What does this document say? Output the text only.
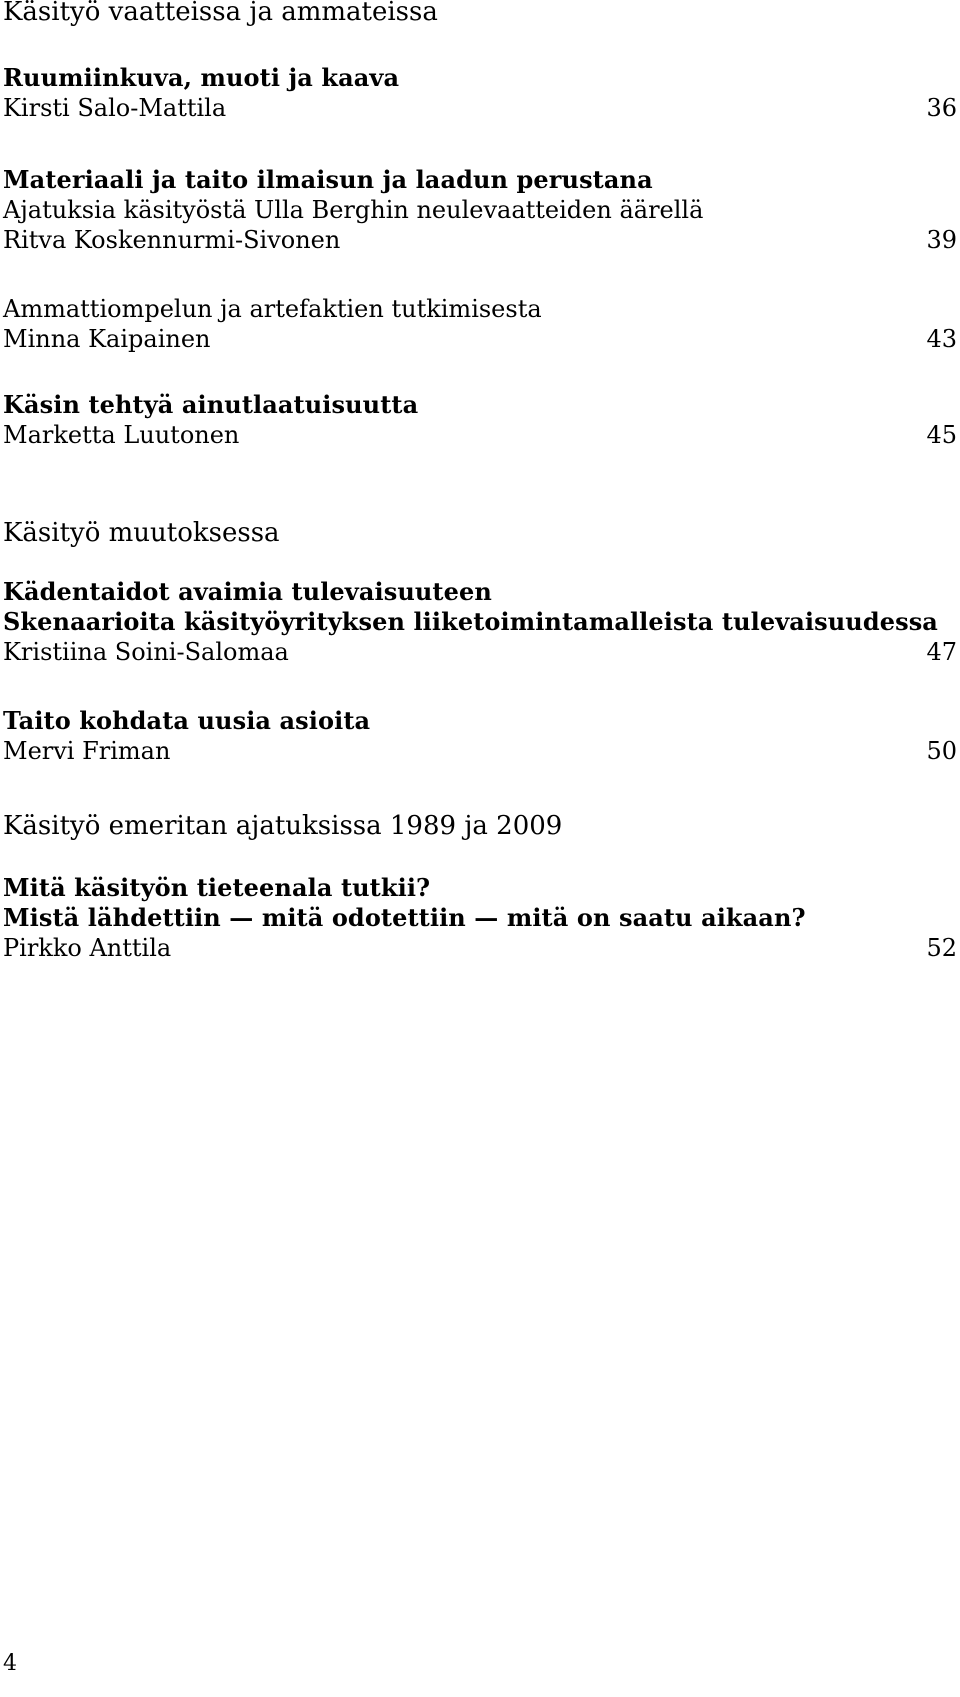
Käsityö vaatteissa ja ammateissa
Ruumiinkuva, muoti ja kaava
Kirsti Salo-Mattila	36
Materiaali ja taito ilmaisun ja laadun perustana
Ajatuksia käsityöstä Ulla Berghin neulevaatteiden äärellä
Ritva Koskennurmi-Sivonen	39
Ammattiompelun ja artefaktien tutkimisesta
Minna Kaipainen	43
Käsin tehtyä ainutlaatuisuutta
Marketta Luutonen	45
Käsityö muutoksessa
Kädentaidot avaimia tulevaisuuteen
Skenaarioita käsityöyrityksen liiketoimintamalleista tulevaisuudessa
Kristiina Soini-Salomaa	47
Taito kohdata uusia asioita
Mervi Friman	50
Käsityö emeritan ajatuksissa 1989 ja 2009
Mitä käsityön tieteenala tutkii?
Mistä lähdettiin — mitä odotettiin — mitä on saatu aikaan?
Pirkko Anttila	52
4
